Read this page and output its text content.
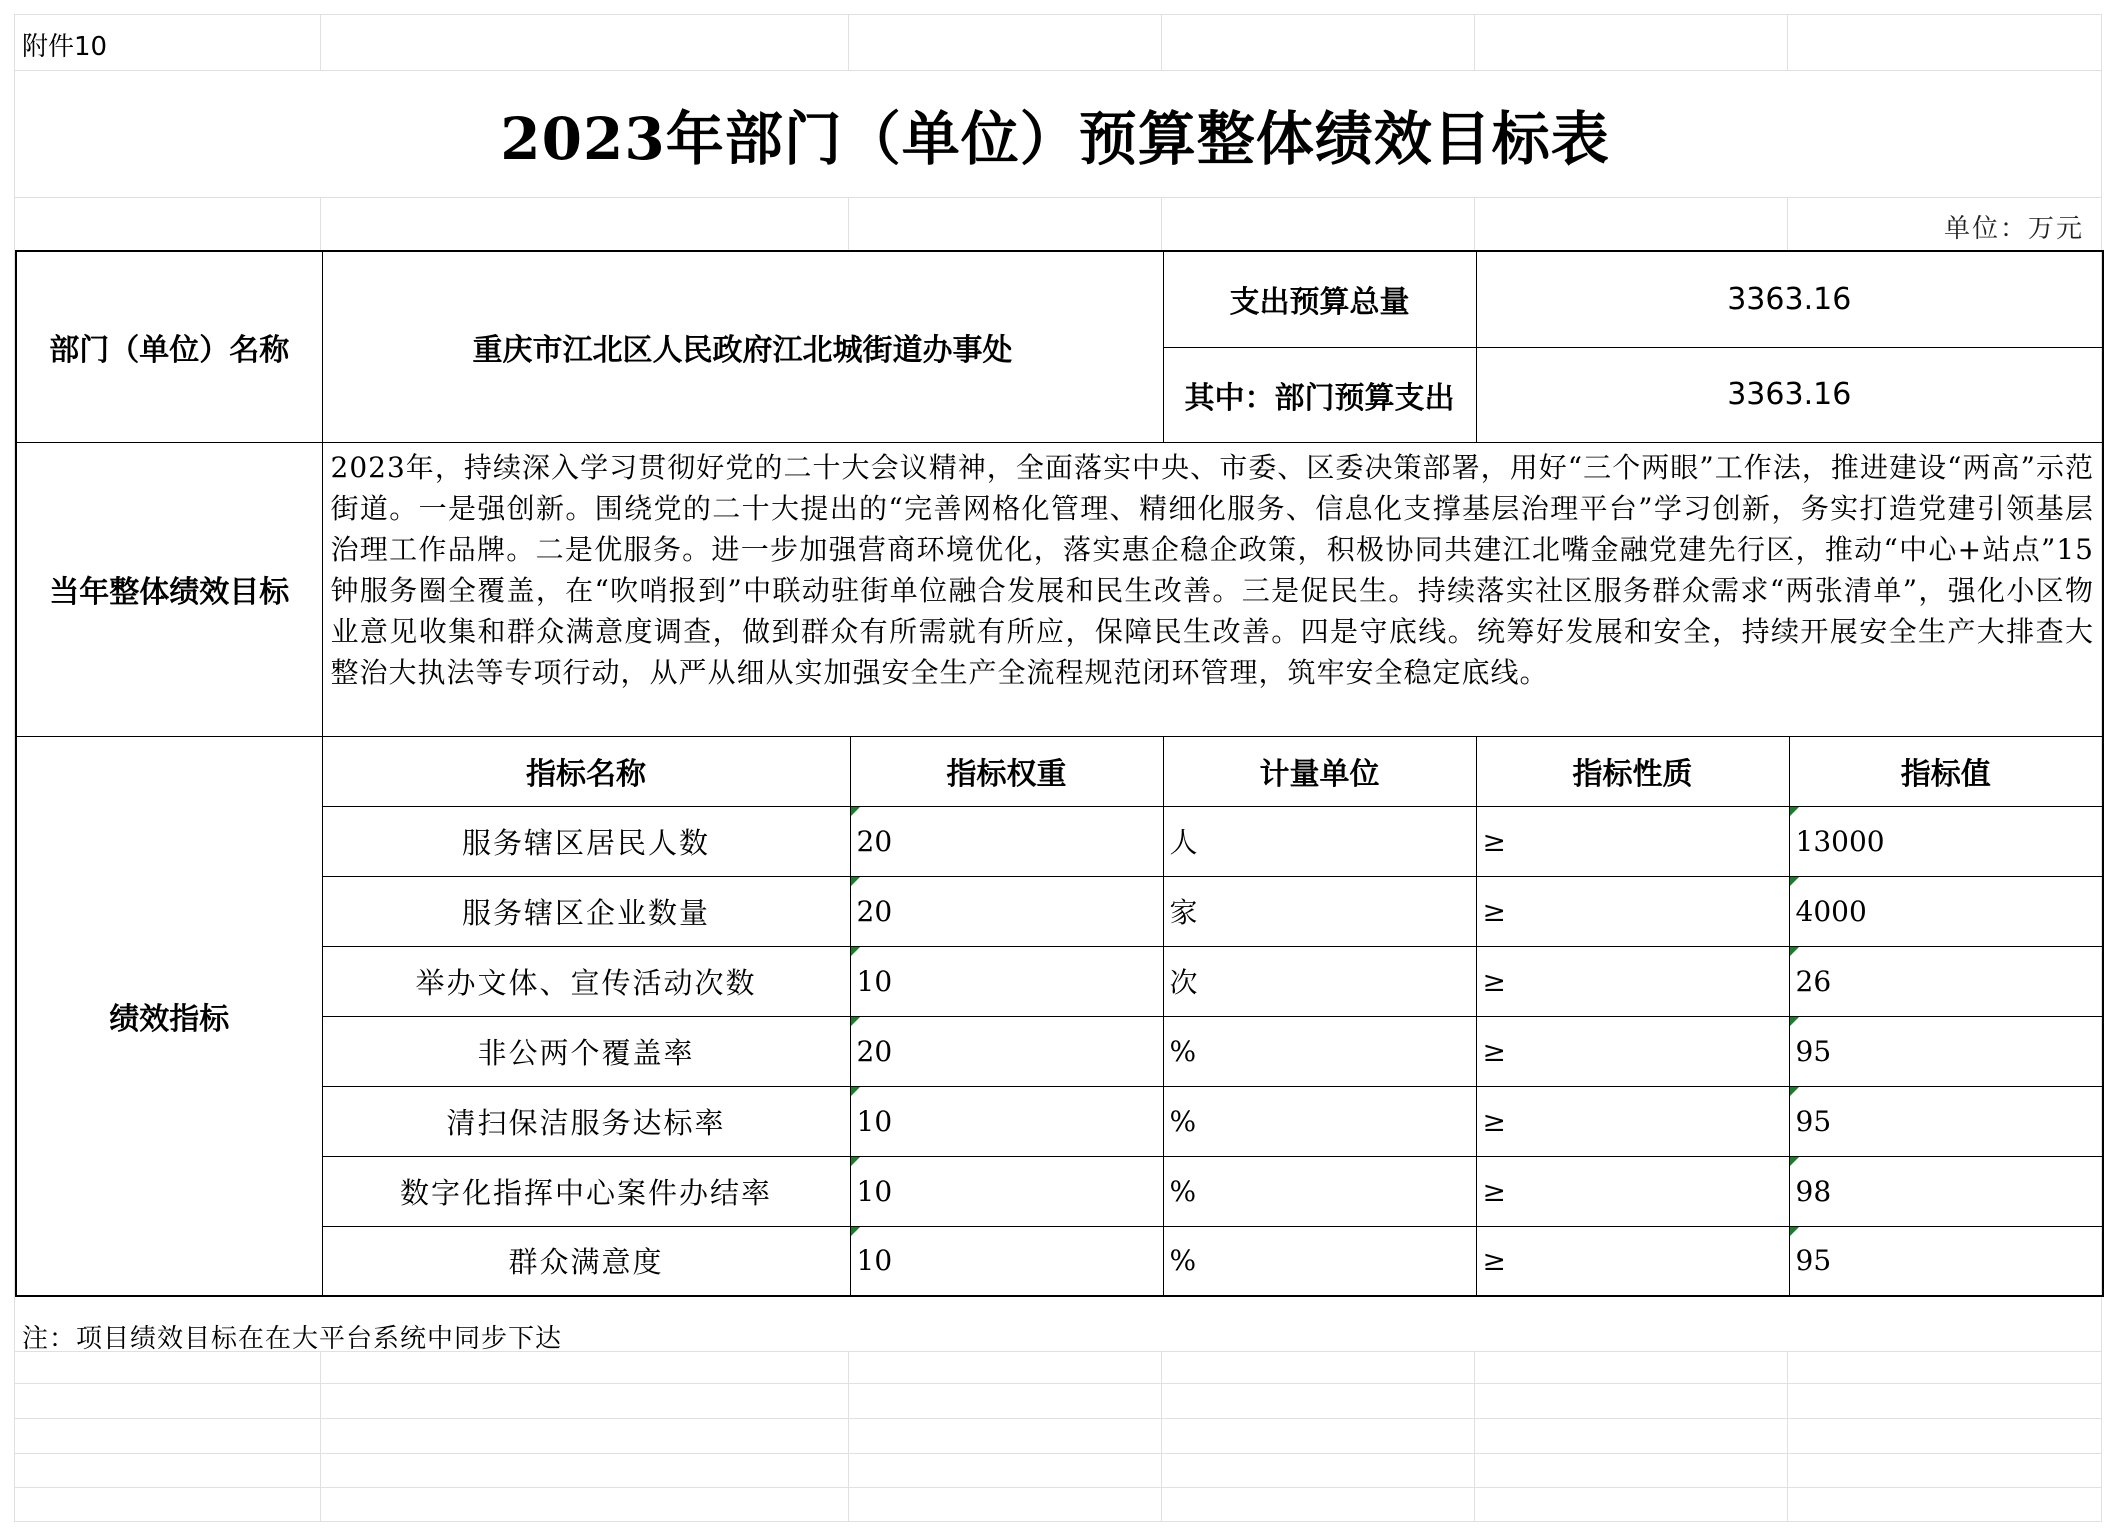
附件10
2023年部门（单位）预算整体绩效目标表
单位：万元
部门（单位）名称	重庆市江北区人民政府江北城街道办事处		支出预算总量	3363.16	
			其中：部门预算支出	3363.16	
当年整体绩效目标	2023年，持续深入学习贯彻好党的二十大会议精神，全面落实中央、市委、区委决策部署，用好“三个两眼”工作法，推进建设“两高”示范街道。一是强创新。围绕党的二十大提出的“完善网格化管理、精细化服务、信息化支撑基层治理平台”学习创新，务实打造党建引领基层治理工作品牌。二是优服务。进一步加强营商环境优化，落实惠企稳企政策，积极协同共建江北嘴金融党建先行区，推动“中心+站点”15钟服务圈全覆盖，在“吹哨报到”中联动驻街单位融合发展和民生改善。三是促民生。持续落实社区服务群众需求“两张清单”，强化小区物业意见收集和群众满意度调查，做到群众有所需就有所应，保障民生改善。四是守底线。统筹好发展和安全，持续开展安全生产大排查大整治大执法等专项行动，从严从细从实加强安全生产全流程规范闭环管理，筑牢安全稳定底线。				
绩效指标	指标名称	指标权重	计量单位	指标性质	指标值
	服务辖区居民人数	20	人	≥	13000
	服务辖区企业数量	20	家	≥	4000
	举办文体、宣传活动次数	10	次	≥	26
	非公两个覆盖率	20	%	≥	95
	清扫保洁服务达标率	10	%	≥	95
	数字化指挥中心案件办结率	10	%	≥	98
	群众满意度	10	%	≥	95
注：项目绩效目标在在大平台系统中同步下达
